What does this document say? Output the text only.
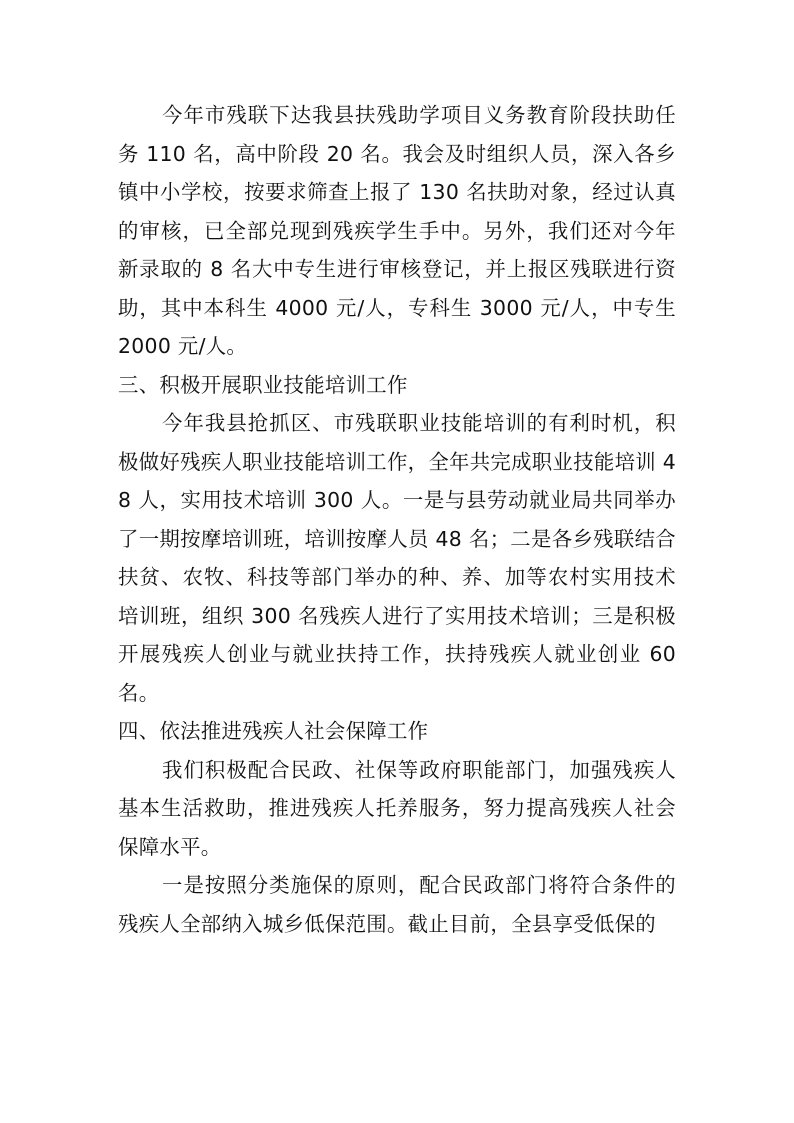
今年市残联下达我县扶残助学项目义务教育阶段扶助任务 110 名，高中阶段 20 名。我会及时组织人员，深入各乡镇中小学校，按要求筛查上报了 130 名扶助对象，经过认真的审核，已全部兑现到残疾学生手中。另外，我们还对今年新录取的 8 名大中专生进行审核登记，并上报区残联进行资助，其中本科生 4000 元/人，专科生 3000 元/人，中专生 2000 元/人。

三、积极开展职业技能培训工作

今年我县抢抓区、市残联职业技能培训的有利时机，积极做好残疾人职业技能培训工作，全年共完成职业技能培训 48 人，实用技术培训 300 人。一是与县劳动就业局共同举办了一期按摩培训班，培训按摩人员 48 名；二是各乡残联结合扶贫、农牧、科技等部门举办的种、养、加等农村实用技术培训班，组织 300 名残疾人进行了实用技术培训；三是积极开展残疾人创业与就业扶持工作，扶持残疾人就业创业 60 名。

四、依法推进残疾人社会保障工作

我们积极配合民政、社保等政府职能部门，加强残疾人基本生活救助，推进残疾人托养服务，努力提高残疾人社会保障水平。

一是按照分类施保的原则，配合民政部门将符合条件的残疾人全部纳入城乡低保范围。截止目前，全县享受低保的
